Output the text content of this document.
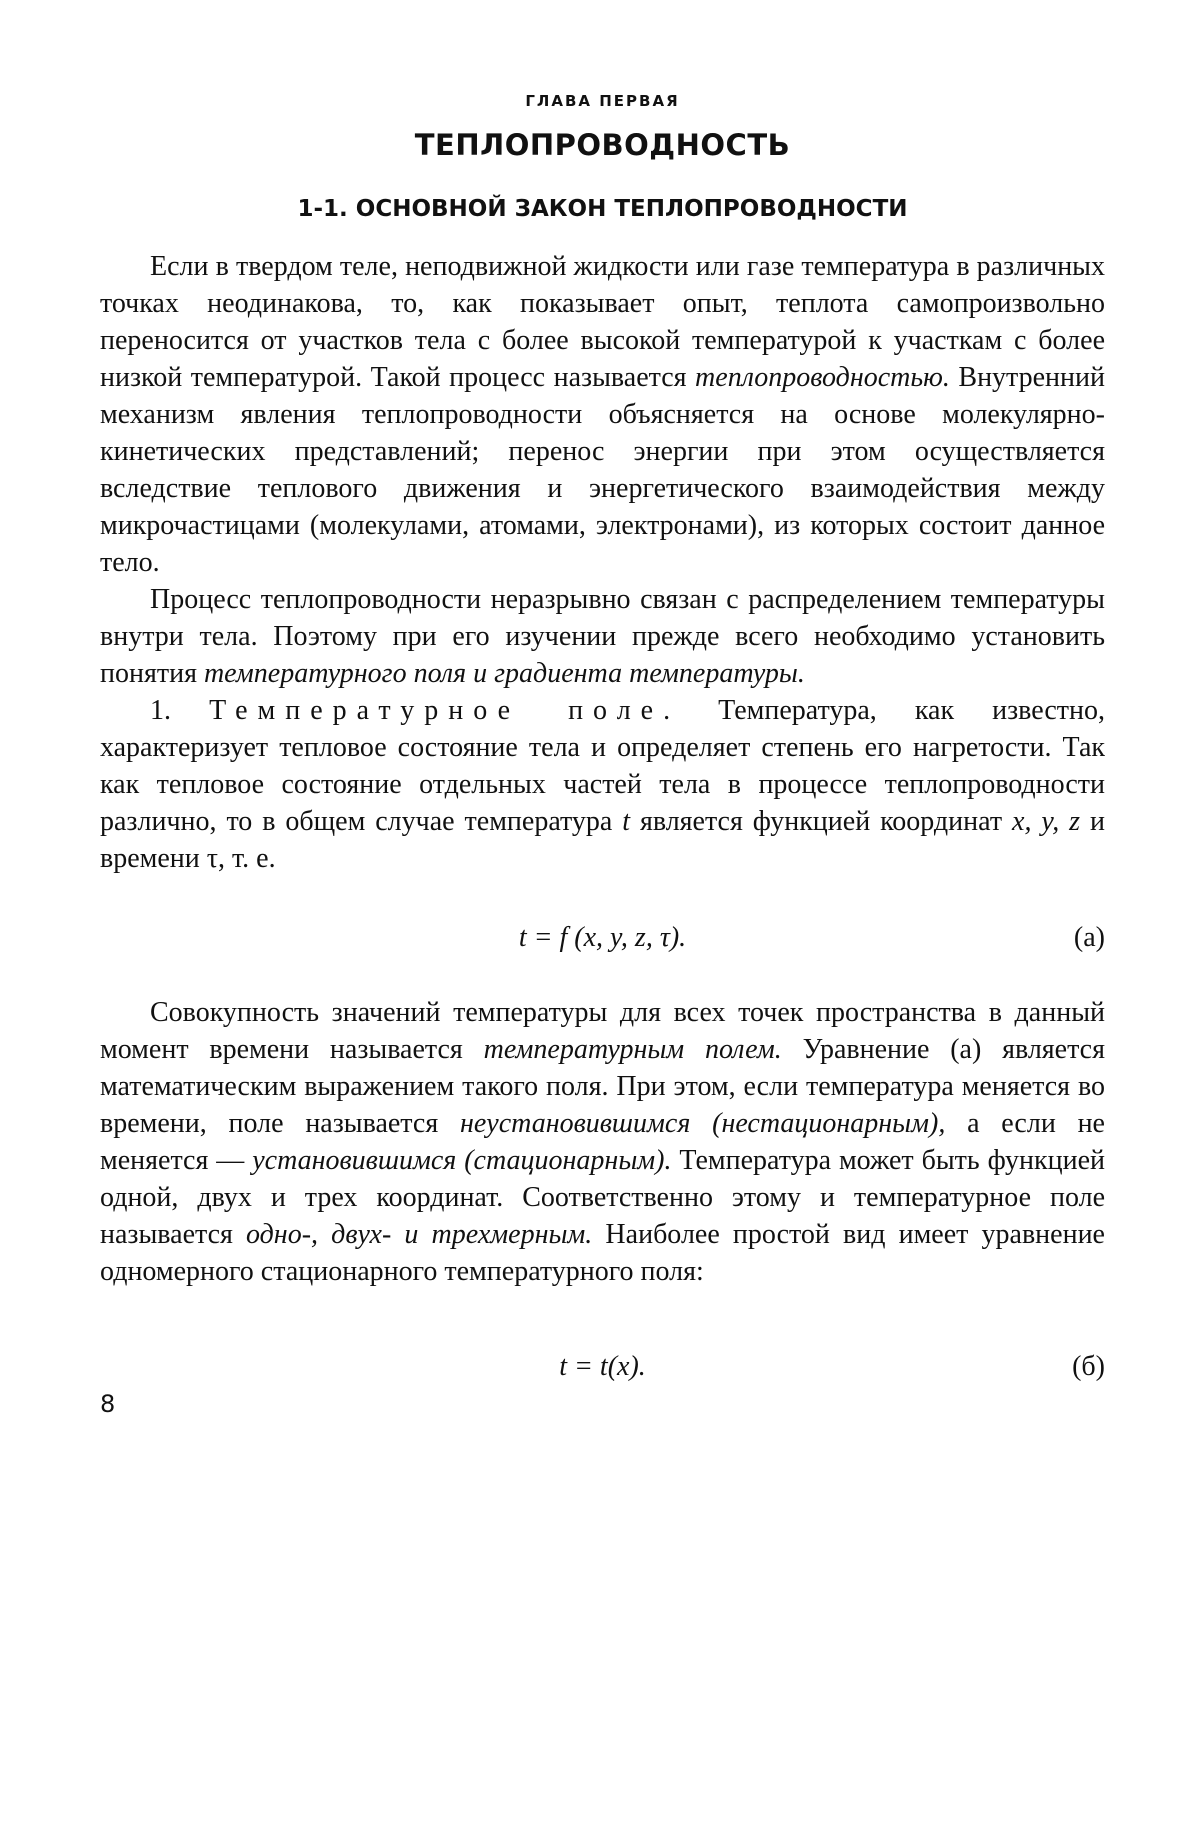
ГЛАВА ПЕРВАЯ
ТЕПЛОПРОВОДНОСТЬ
1-1. ОСНОВНОЙ ЗАКОН ТЕПЛОПРОВОДНОСТИ

Если в твердом теле, неподвижной жидкости или газе температура в различных точках неодинакова, то, как показывает опыт, теплота самопроизвольно переносится от участков тела с более высокой температурой к участкам с более низкой температурой. Такой процесс называется теплопроводностью. Внутренний механизм явления теплопроводности объясняется на основе молекулярно-кинетических представлений; перенос энергии при этом осуществляется вследствие теплового движения и энергетического взаимодействия между микрочастицами (молекулами, атомами, электронами), из которых состоит данное тело.

Процесс теплопроводности неразрывно связан с распределением температуры внутри тела. Поэтому при его изучении прежде всего необходимо установить понятия температурного поля и градиента температуры.

1. Температурное поле. Температура, как известно, характеризует тепловое состояние тела и определяет степень его нагретости. Так как тепловое состояние отдельных частей тела в процессе теплопроводности различно, то в общем случае температура t является функцией координат x, y, z и времени τ, т. е.

t = f (x, y, z, τ).	(а)

Совокупность значений температуры для всех точек пространства в данный момент времени называется температурным полем. Уравнение (а) является математическим выражением такого поля. При этом, если температура меняется во времени, поле называется неустановившимся (нестационарным), а если не меняется — установившимся (стационарным). Температура может быть функцией одной, двух и трех координат. Соответственно этому и температурное поле называется одно-, двух- и трехмерным. Наиболее простой вид имеет уравнение одномерного стационарного температурного поля:

t = t(x).	(б)
8
